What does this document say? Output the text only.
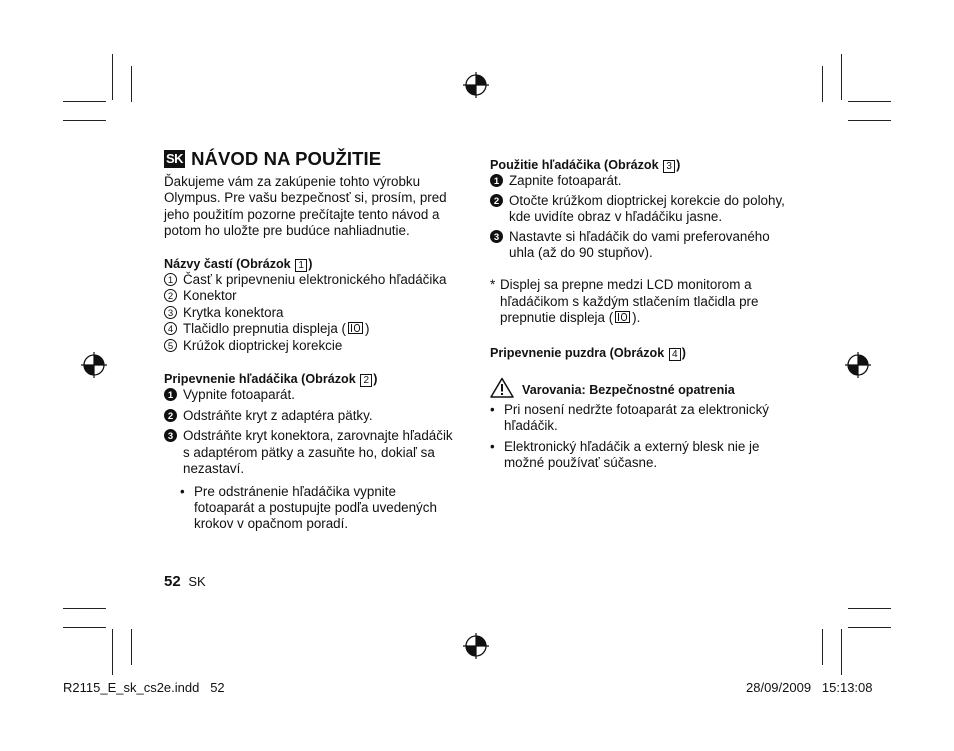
SK NÁVOD NA POUŽITIE

Ďakujeme vám za zakúpenie tohto výrobku Olympus. Pre vašu bezpečnosť si, prosím, pred jeho použitím pozorne prečítajte tento návod a potom ho uložte pre budúce nahliadnutie.

Názvy častí (Obrázok 1 )

1 Časť k pripevneniu elektronického hľadáčika
2 Konektor
3 Krytka konektora
4 Tlačidlo prepnutia displeja ( )
5 Krúžok dioptrickej korekcie

Pripevnenie hľadáčika (Obrázok 2 )

1 Vypnite fotoaparát.
2 Odstráňte kryt z adaptéra pätky.
3 Odstráňte kryt konektora, zarovnajte hľadáčik s adaptérom pätky a zasuňte ho, dokiaľ sa nezastaví.
• Pre odstránenie hľadáčika vypnite fotoaparát a postupujte podľa uvedených krokov v opačnom poradí.

Použitie hľadáčika (Obrázok 3 )

1 Zapnite fotoaparát.
2 Otočte krúžkom dioptrickej korekcie do polohy, kde uvidíte obraz v hľadáčiku jasne.
3 Nastavte si hľadáčik do vami preferovaného uhla (až do 90 stupňov).
* Displej sa prepne medzi LCD monitorom a hľadáčikom s každým stlačením tlačidla pre prepnutie displeja ( ).

Pripevnenie puzdra (Obrázok 4 )

Varovania: Bezpečnostné opatrenia

• Pri nosení nedržte fotoaparát za elektronický hľadáčik.
• Elektronický hľadáčik a externý blesk nie je možné používať súčasne.
52 SK
R2115_E_sk_cs2e.indd   52	28/09/2009   15:13:08
